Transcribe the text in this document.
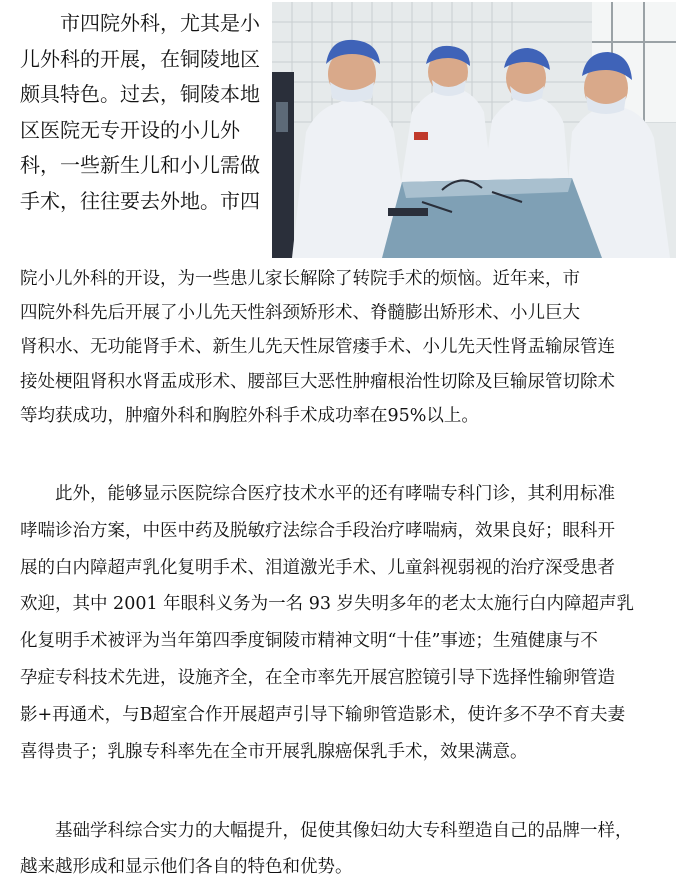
　　市四院外科，尤其是小
儿外科的开展，在铜陵地区
颇具特色。过去，铜陵本地
区医院无专开设的小儿外
科，一些新生儿和小儿需做
手术，往往要去外地。市四
院小儿外科的开设，为一些患儿家长解除了转院手术的烦恼。近年来，市
四院外科先后开展了小儿先天性斜颈矫形术、脊髓膨出矫形术、小儿巨大
肾积水、无功能肾手术、新生儿先天性尿管瘘手术、小儿先天性肾盂输尿管连
接处梗阻肾积水肾盂成形术、腰部巨大恶性肿瘤根治性切除及巨输尿管切除术
等均获成功，肿瘤外科和胸腔外科手术成功率在95%以上。
　　此外，能够显示医院综合医疗技术水平的还有哮喘专科门诊，其利用标准
哮喘诊治方案，中医中药及脱敏疗法综合手段治疗哮喘病，效果良好；眼科开
展的白内障超声乳化复明手术、泪道激光手术、儿童斜视弱视的治疗深受患者
欢迎，其中 2001 年眼科义务为一名 93 岁失明多年的老太太施行白内障超声乳
化复明手术被评为当年第四季度铜陵市精神文明“十佳”事迹；生殖健康与不
孕症专科技术先进，设施齐全，在全市率先开展宫腔镜引导下选择性输卵管造
影+再通术，与B超室合作开展超声引导下输卵管造影术，使许多不孕不育夫妻
喜得贵子；乳腺专科率先在全市开展乳腺癌保乳手术，效果满意。
　　基础学科综合实力的大幅提升，促使其像妇幼大专科塑造自己的品牌一样，
越来越形成和显示他们各自的特色和优势。
